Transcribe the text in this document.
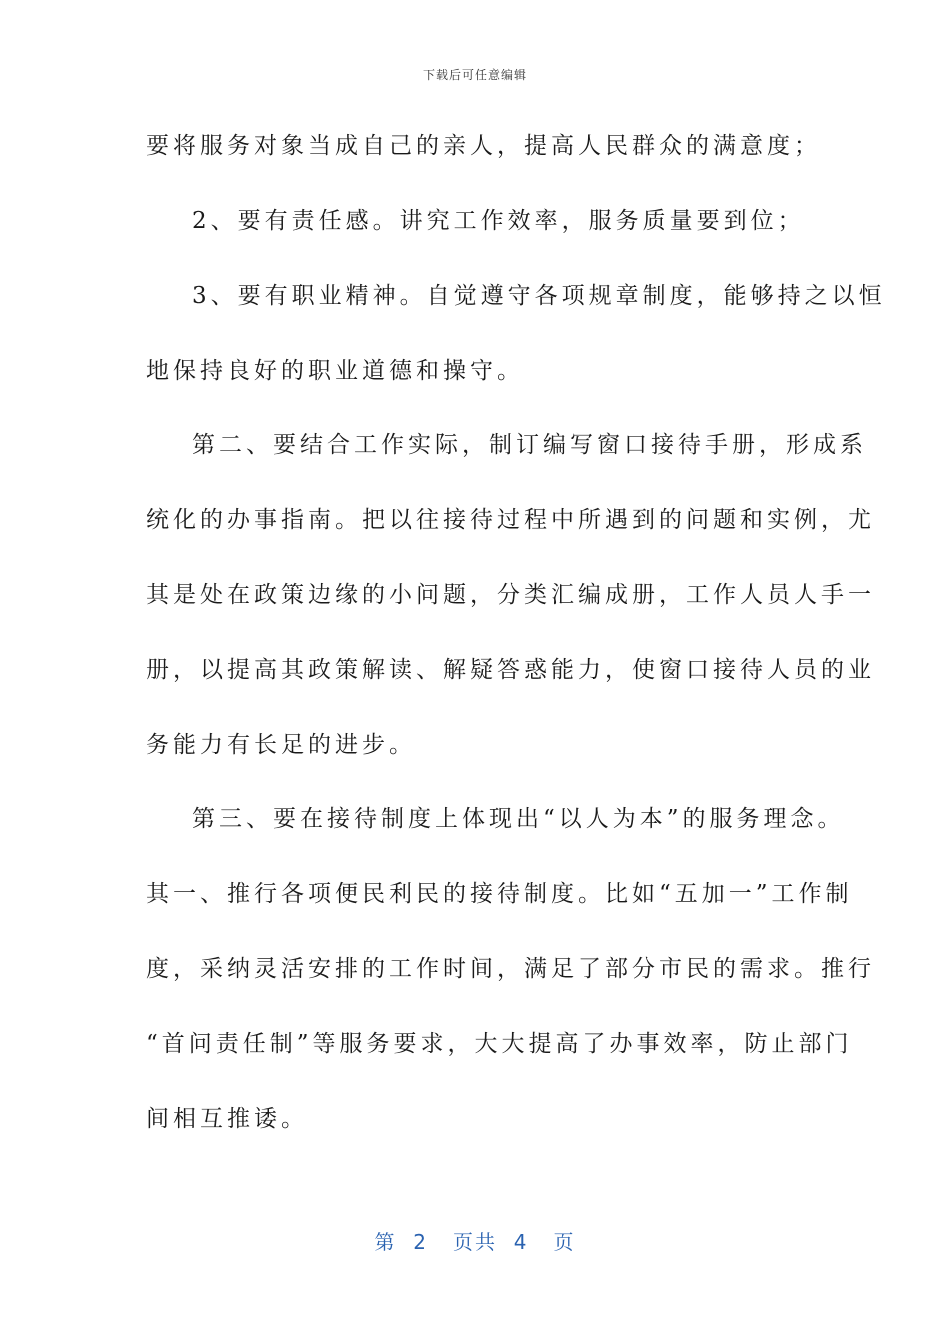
下载后可任意编辑
要将服务对象当成自己的亲人，提高人民群众的满意度；
2、要有责任感。讲究工作效率，服务质量要到位；
3、要有职业精神。自觉遵守各项规章制度，能够持之以恒
地保持良好的职业道德和操守。
第二、要结合工作实际，制订编写窗口接待手册，形成系
统化的办事指南。把以往接待过程中所遇到的问题和实例，尤
其是处在政策边缘的小问题，分类汇编成册，工作人员人手一
册，以提高其政策解读、解疑答惑能力，使窗口接待人员的业
务能力有长足的进步。
第三、要在接待制度上体现出“以人为本”的服务理念。
其一、推行各项便民利民的接待制度。比如“五加一”工作制
度，采纳灵活安排的工作时间，满足了部分市民的需求。推行
“首问责任制”等服务要求，大大提高了办事效率，防止部门
间相互推诿。
第  2   页共  4   页
